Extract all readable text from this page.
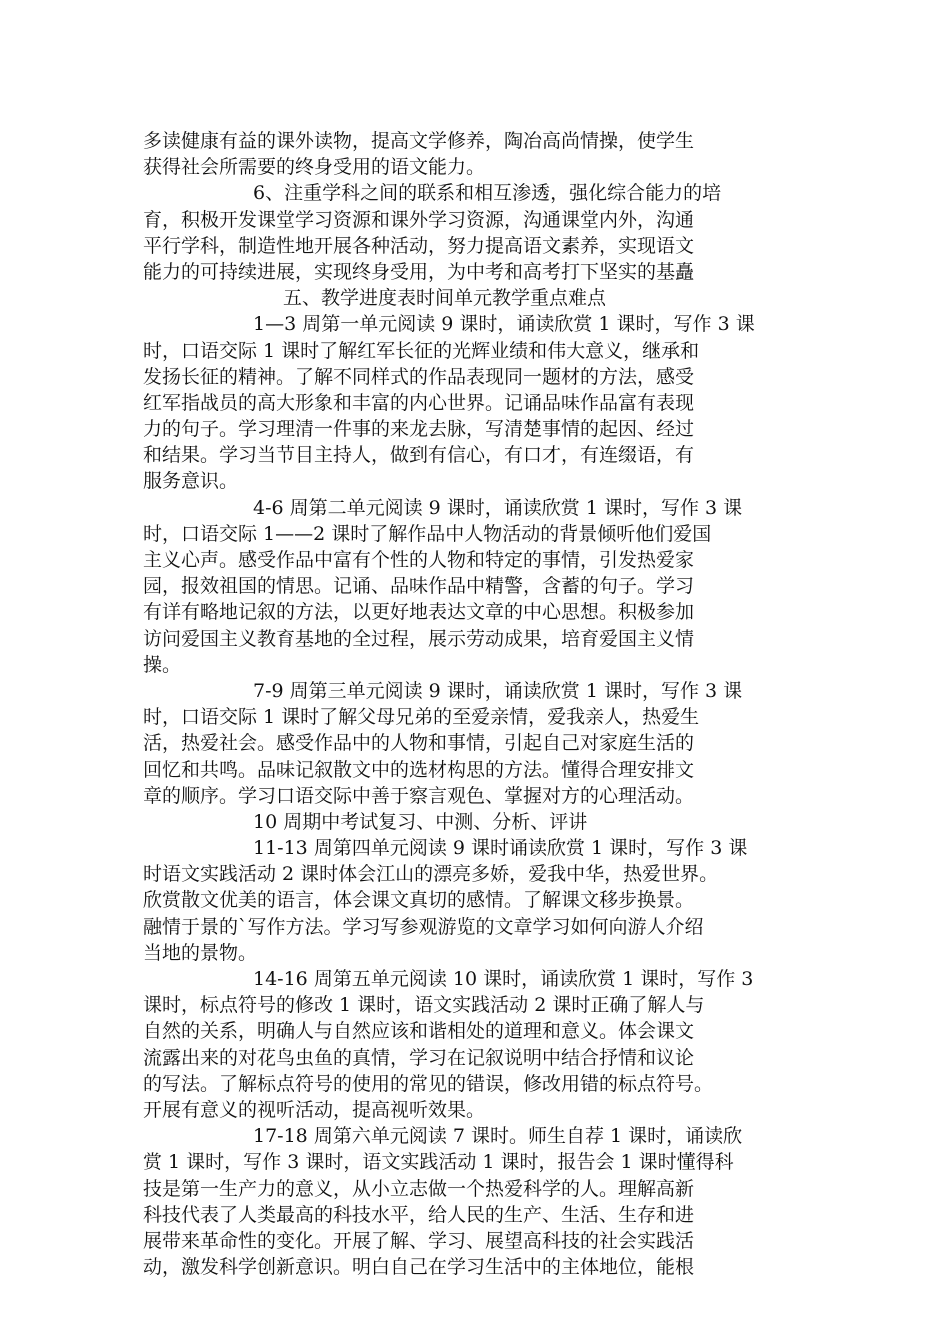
多读健康有益的课外读物，提高文学修养，陶冶高尚情操，使学生
获得社会所需要的终身受用的语文能力。
6、注重学科之间的联系和相互渗透，强化综合能力的培
育，积极开发课堂学习资源和课外学习资源，沟通课堂内外，沟通
平行学科，制造性地开展各种活动，努力提高语文素养，实现语文
能力的可持续进展，实现终身受用，为中考和高考打下坚实的基矗
五、教学进度表时间单元教学重点难点
1—3 周第一单元阅读 9 课时，诵读欣赏 1 课时，写作 3 课
时，口语交际 1 课时了解红军长征的光辉业绩和伟大意义，继承和
发扬长征的精神。了解不同样式的作品表现同一题材的方法，感受
红军指战员的高大形象和丰富的内心世界。记诵品味作品富有表现
力的句子。学习理清一件事的来龙去脉，写清楚事情的起因、经过
和结果。学习当节目主持人，做到有信心，有口才，有连缀语，有
服务意识。
4-6 周第二单元阅读 9 课时，诵读欣赏 1 课时，写作 3 课
时，口语交际 1——2 课时了解作品中人物活动的背景倾听他们爱国
主义心声。感受作品中富有个性的人物和特定的事情，引发热爱家
园，报效祖国的情思。记诵、品味作品中精警，含蓄的句子。学习
有详有略地记叙的方法，以更好地表达文章的中心思想。积极参加
访问爱国主义教育基地的全过程，展示劳动成果，培育爱国主义情
操。
7-9 周第三单元阅读 9 课时，诵读欣赏 1 课时，写作 3 课
时，口语交际 1 课时了解父母兄弟的至爱亲情，爱我亲人，热爱生
活，热爱社会。感受作品中的人物和事情，引起自己对家庭生活的
回忆和共鸣。品味记叙散文中的选材构思的方法。懂得合理安排文
章的顺序。学习口语交际中善于察言观色、掌握对方的心理活动。
10 周期中考试复习、中测、分析、评讲
11-13 周第四单元阅读 9 课时诵读欣赏 1 课时，写作 3 课
时语文实践活动 2 课时体会江山的漂亮多娇，爱我中华，热爱世界。
欣赏散文优美的语言，体会课文真切的感情。了解课文移步换景。
融情于景的`写作方法。学习写参观游览的文章学习如何向游人介绍
当地的景物。
14-16 周第五单元阅读 10 课时，诵读欣赏 1 课时，写作 3
课时，标点符号的修改 1 课时，语文实践活动 2 课时正确了解人与
自然的关系，明确人与自然应该和谐相处的道理和意义。体会课文
流露出来的对花鸟虫鱼的真情，学习在记叙说明中结合抒情和议论
的写法。了解标点符号的使用的常见的错误，修改用错的标点符号。
开展有意义的视听活动，提高视听效果。
17-18 周第六单元阅读 7 课时。师生自荐 1 课时，诵读欣
赏 1 课时，写作 3 课时，语文实践活动 1 课时，报告会 1 课时懂得科
技是第一生产力的意义，从小立志做一个热爱科学的人。理解高新
科技代表了人类最高的科技水平，给人民的生产、生活、生存和进
展带来革命性的变化。开展了解、学习、展望高科技的社会实践活
动，激发科学创新意识。明白自己在学习生活中的主体地位，能根
